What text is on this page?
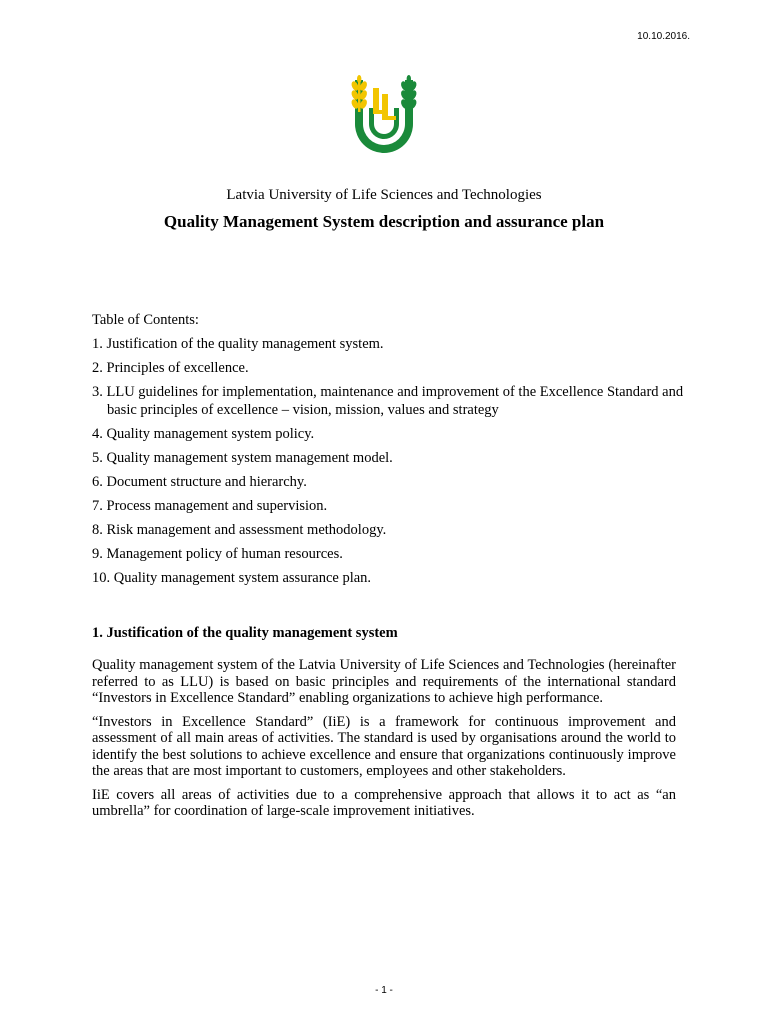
10.10.2016.
Latvia University of Life Sciences and Technologies
Quality Management System description and assurance plan
Table of Contents:
1. Justification of the quality management system.
2. Principles of excellence.
3. LLU guidelines for implementation, maintenance and improvement of the Excellence Standard and basic principles of excellence – vision, mission, values and strategy
4. Quality management system policy.
5. Quality management system management model.
6. Document structure and hierarchy.
7. Process management and supervision.
8. Risk management and assessment methodology.
9. Management policy of human resources.
10. Quality management system assurance plan.
1. Justification of the quality management system

Quality management system of the Latvia University of Life Sciences and Technologies (hereinafter referred to as LLU) is based on basic principles and requirements of the international standard “Investors in Excellence Standard” enabling organizations to achieve high performance.

“Investors in Excellence Standard” (IiE) is a framework for continuous improvement and assessment of all main areas of activities. The standard is used by organisations around the world to identify the best solutions to achieve excellence and ensure that organizations continuously improve the areas that are most important to customers, employees and other stakeholders.

IiE covers all areas of activities due to a comprehensive approach that allows it to act as “an umbrella” for coordination of large-scale improvement initiatives.

- 1 -
